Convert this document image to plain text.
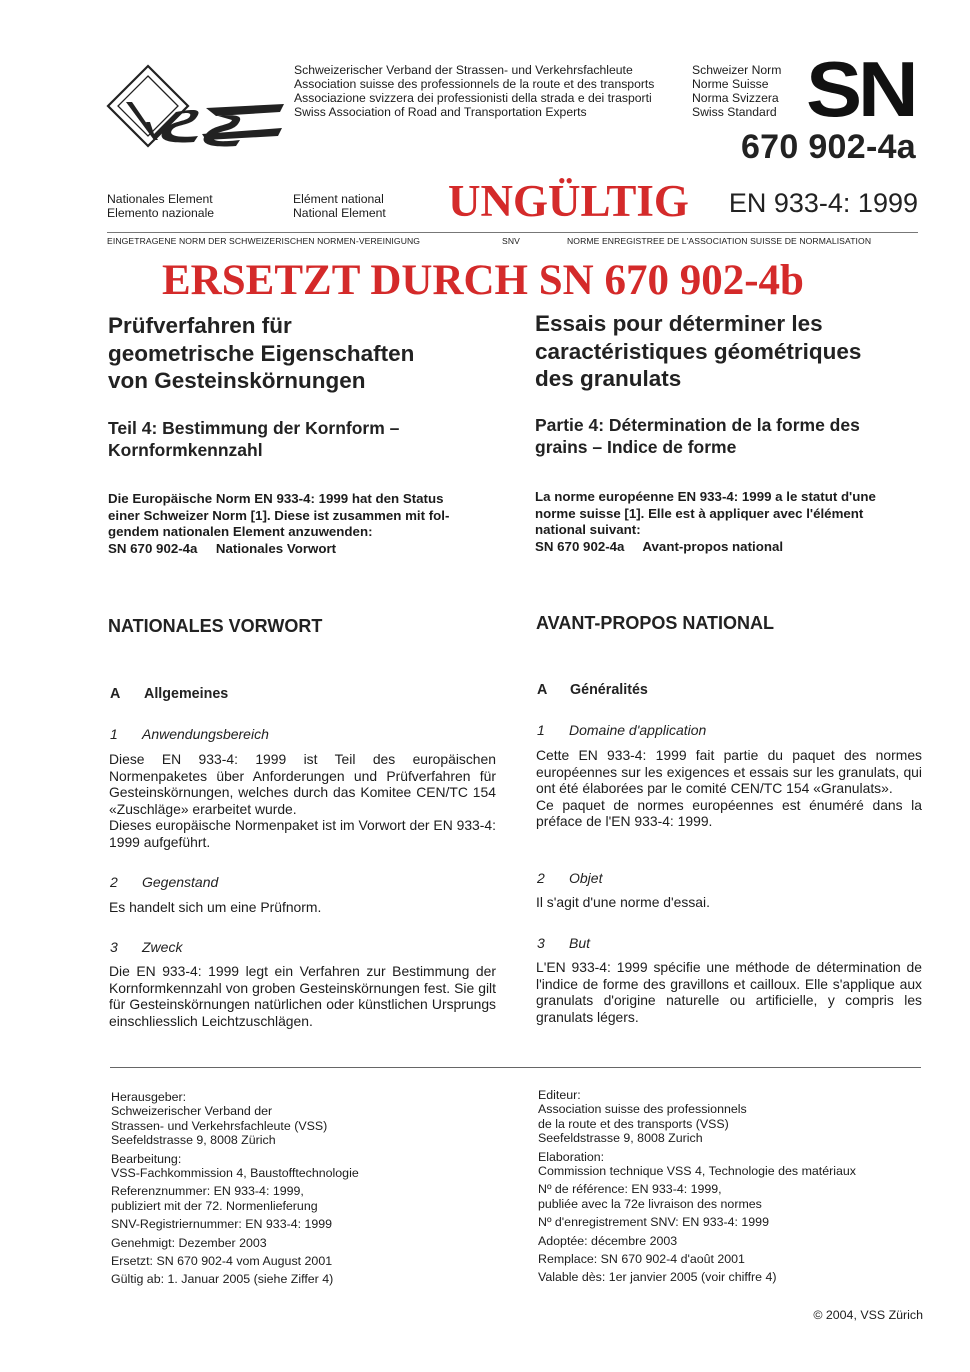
Schweizerischer Verband der Strassen- und Verkehrsfachleute
Association suisse des professionnels de la route et des transports
Associazione svizzera dei professionisti della strada e dei trasporti
Swiss Association of Road and Transportation Experts
Schweizer Norm
Norme Suisse
Norma Svizzera
Swiss Standard SN
670 902-4a
Nationales Element
Elemento nazionale
Elément national
National Element UNGÜLTIG	EN 933-4: 1999
EINGETRAGENE NORM DER SCHWEIZERISCHEN NORMEN-VEREINIGUNG	SNV	NORME ENREGISTREE DE L'ASSOCIATION SUISSE DE NORMALISATION
ERSETZT DURCH SN 670 902-4b
Prüfverfahren für
geometrische Eigenschaften
von Gesteinskörnungen
Essais pour déterminer les
caractéristiques géométriques
des granulats
Teil 4: Bestimmung der Kornform –
Kornformkennzahl
Partie 4: Détermination de la forme des
grains – Indice de forme
Die Europäische Norm EN 933-4: 1999 hat den Status
einer Schweizer Norm [1]. Diese ist zusammen mit fol-
gendem nationalen Element anzuwenden:
SN 670 902-4a     Nationales Vorwort
La norme européenne EN 933-4: 1999 a le statut d'une
norme suisse [1]. Elle est à appliquer avec l'élément
national suivant:
SN 670 902-4a     Avant-propos national
NATIONALES VORWORT
A Allgemeines
1 Anwendungsbereich

Diese EN 933-4: 1999 ist Teil des europäischen Normenpaketes über Anforderungen und Prüfverfahren für Gesteinskörnungen, welches durch das Komitee CEN/TC 154 «Zuschläge» erarbeitet wurde.

Dieses europäische Normenpaket ist im Vorwort der EN 933-4: 1999 aufgeführt.

2 Gegenstand

Es handelt sich um eine Prüfnorm.

3 Zweck

Die EN 933-4: 1999 legt ein Verfahren zur Bestimmung der Kornformkennzahl von groben Gesteinskörnungen fest. Sie gilt für Gesteinskörnungen natürlichen oder künstlichen Ursprungs einschliesslich Leichtzuschlägen.

AVANT-PROPOS NATIONAL
A Généralités
1 Domaine d'application

Cette EN 933-4: 1999 fait partie du paquet des normes européennes sur les exigences et essais sur les granulats, qui ont été élaborées par le comité CEN/TC 154 «Granulats».

Ce paquet de normes européennes est énuméré dans la préface de l'EN 933-4: 1999.

2 Objet

Il s'agit d'une norme d'essai.

3 But

L'EN 933-4: 1999 spécifie une méthode de détermination de l'indice de forme des gravillons et cailloux. Elle s'applique aux granulats d'origine naturelle ou artificielle, y compris les granulats légers.

Herausgeber:

Schweizerischer Verband der

Strassen- und Verkehrsfachleute (VSS)

Seefeldstrasse 9, 8008 Zürich

Bearbeitung:

VSS-Fachkommission 4, Baustofftechnologie

Referenznummer: EN 933-4: 1999,

publiziert mit der 72. Normenlieferung

SNV-Registriernummer: EN 933-4: 1999

Genehmigt: Dezember 2003

Ersetzt: SN 670 902-4 vom August 2001

Gültig ab: 1. Januar 2005 (siehe Ziffer 4)

Editeur:

Association suisse des professionnels

de la route et des transports (VSS)

Seefeldstrasse 9, 8008 Zurich

Elaboration:

Commission technique VSS 4, Technologie des matériaux

Nº de référence: EN 933-4: 1999,

publiée avec la 72e livraison des normes

Nº d'enregistrement SNV: EN 933-4: 1999

Adoptée: décembre 2003

Remplace: SN 670 902-4 d'août 2001

Valable dès: 1er janvier 2005 (voir chiffre 4)

© 2004, VSS Zürich
